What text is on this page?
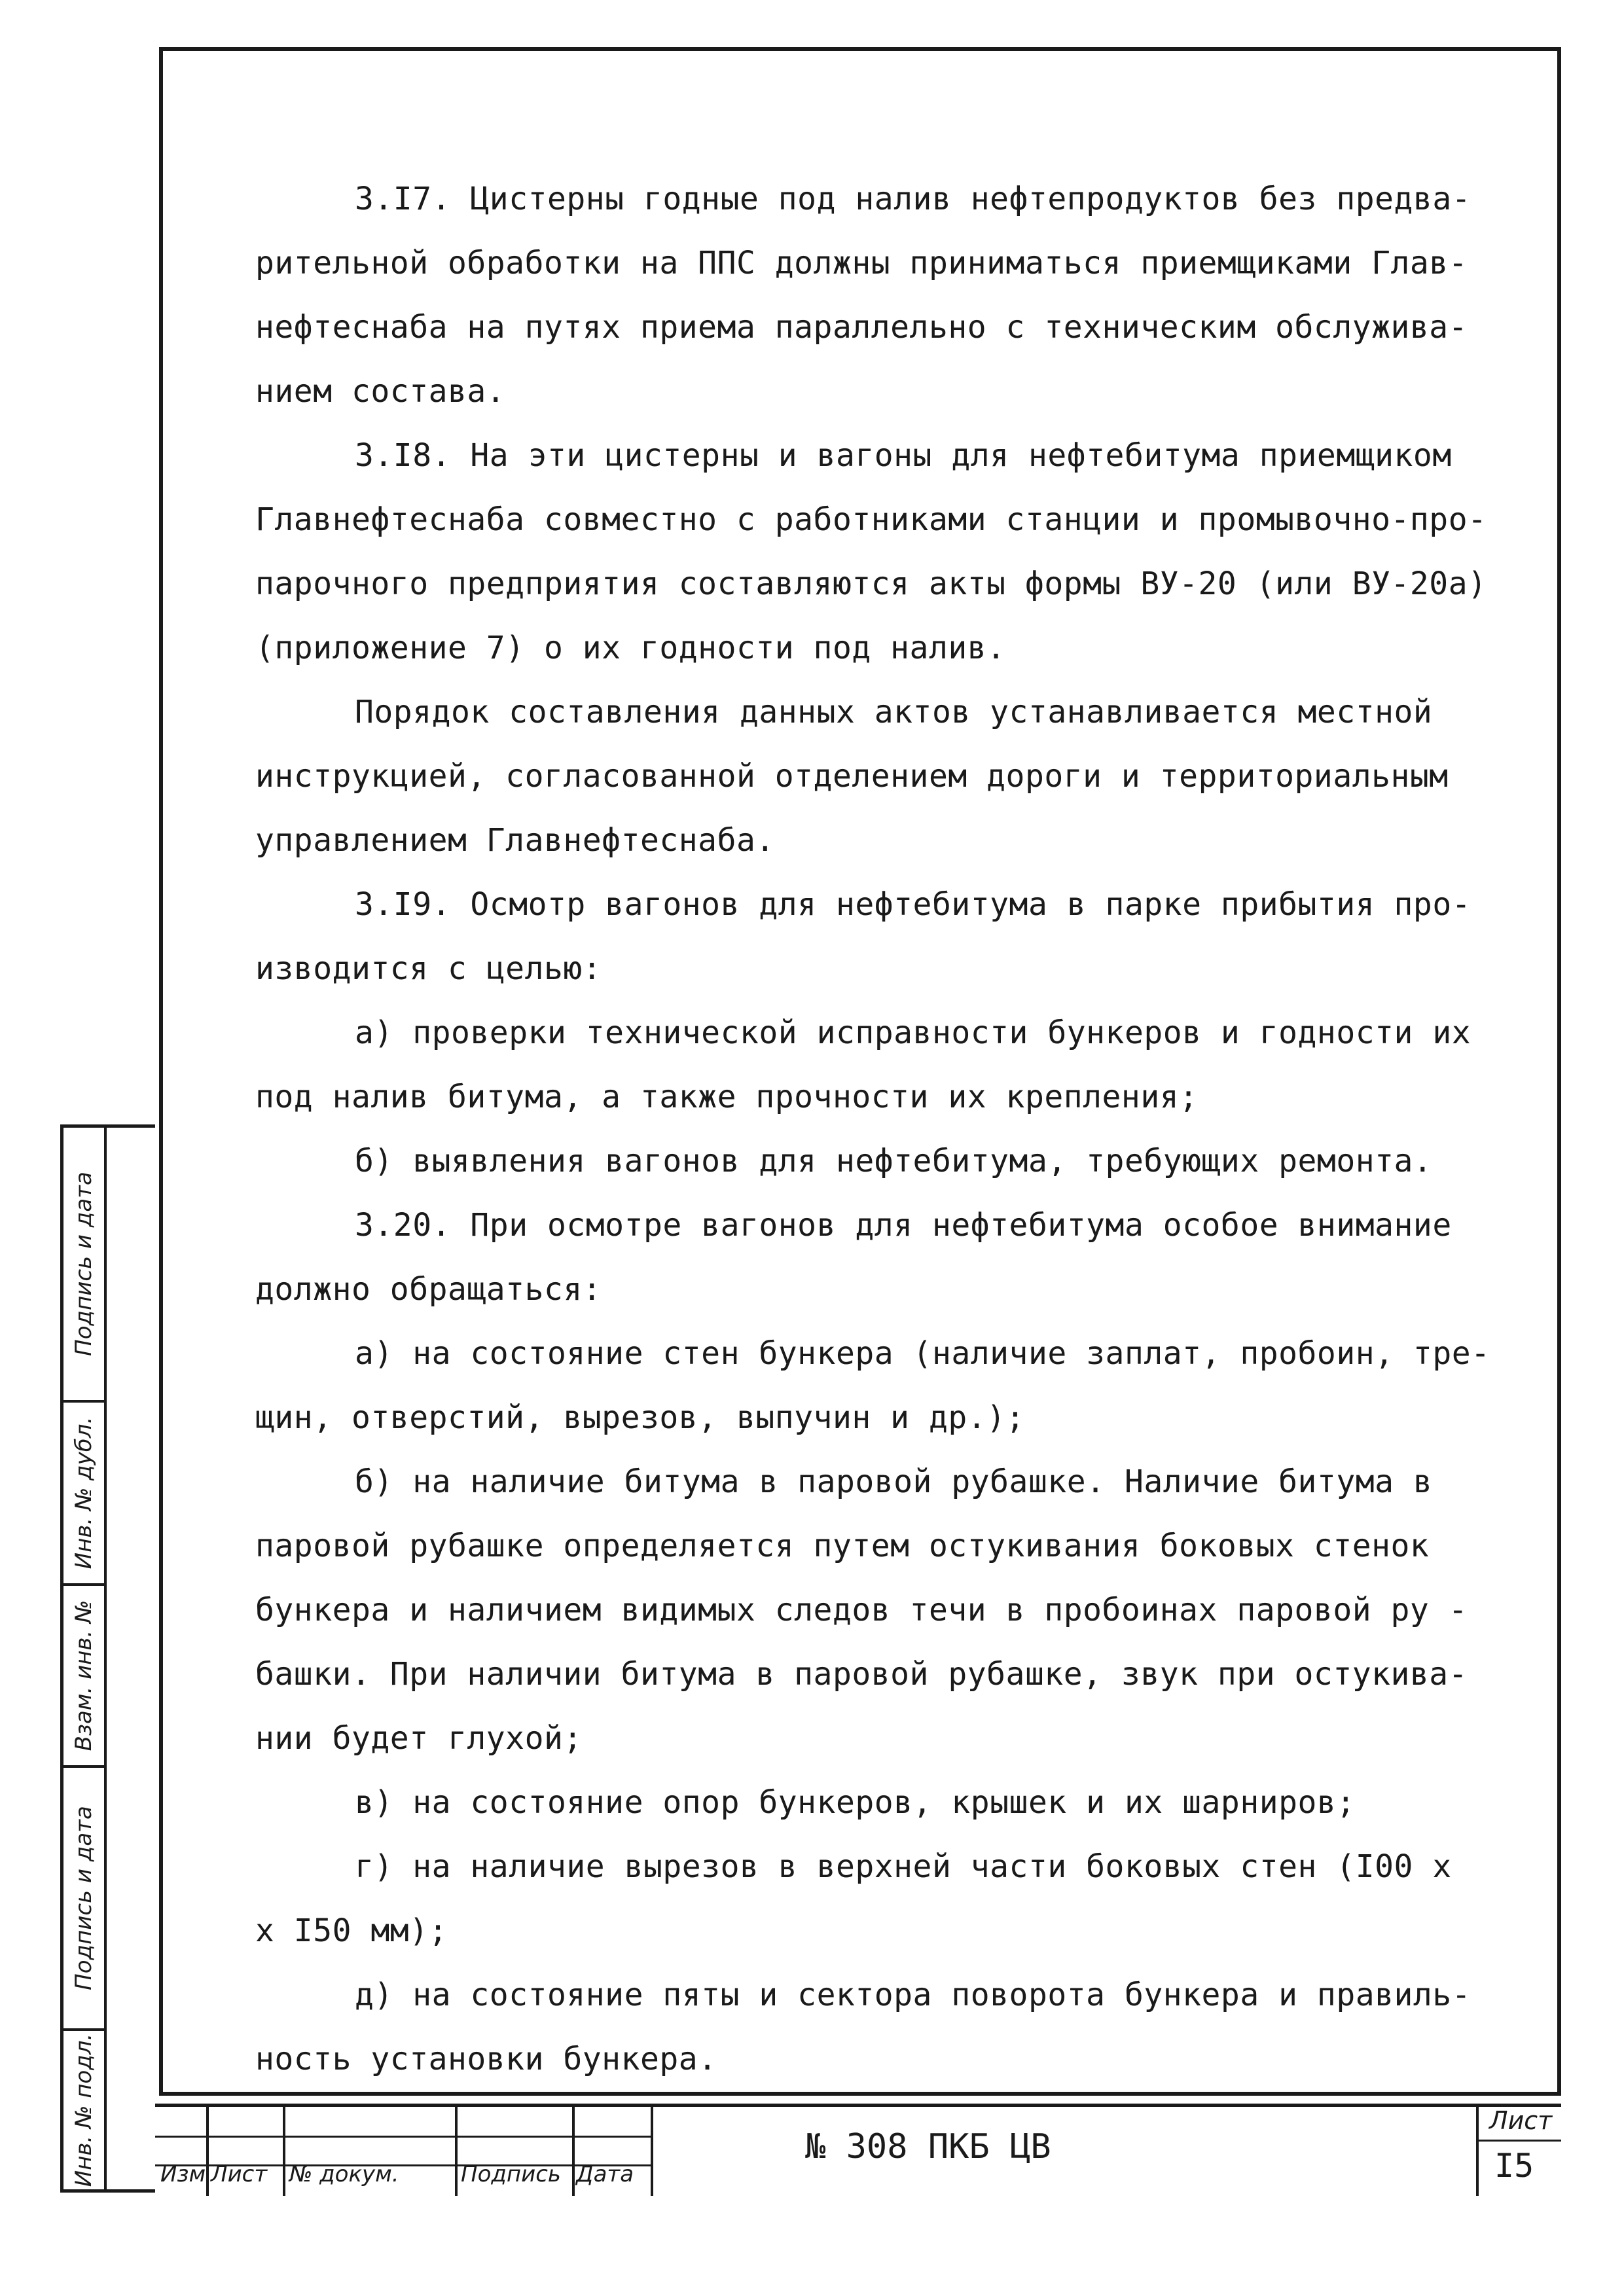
3.I7. Цистерны годные под налив нефтепродуктов без предва-

рительной обработки на ППС должны приниматься приемщиками Глав-

нефтеснаба на путях приема параллельно с техническим обслужива-

нием состава.

3.I8. На эти цистерны и вагоны для нефтебитума приемщиком

Главнефтеснаба совместно с работниками станции и промывочно-про-

парочного предприятия составляются акты формы ВУ-20 (или ВУ-20а)

(приложение 7) о их годности под налив.

Порядок составления данных актов устанавливается местной

инструкцией, согласованной отделением дороги и территориальным

управлением Главнефтеснаба.

3.I9. Осмотр вагонов для нефтебитума в парке прибытия про-

изводится с целью:

а) проверки технической исправности бункеров и годности их

под налив битума, а также прочности их крепления;

б) выявления вагонов для нефтебитума, требующих ремонта.

3.20. При осмотре вагонов для нефтебитума особое внимание

должно обращаться:

а) на состояние стен бункера (наличие заплат, пробоин, тре-

щин, отверстий, вырезов, выпучин и др.);

б) на наличие битума в паровой рубашке. Наличие битума в

паровой рубашке определяется путем остукивания боковых стенок

бункера и наличием видимых следов течи в пробоинах паровой ру -

башки. При наличии битума в паровой рубашке, звук при остукива-

нии будет глухой;

в) на состояние опор бункеров, крышек и их шарниров;

г) на наличие вырезов в верхней части боковых стен (I00 х

х I50 мм);

д) на состояние пяты и сектора поворота бункера и правиль-

ность установки бункера.

Подпись и дата
Инв. № дубл.
Взам. инв. №
Подпись и дата
Инв. № подл.	Изм Лист № докум.	Подпись Дата
№ 308 ПКБ ЦВ
Лист
I5
